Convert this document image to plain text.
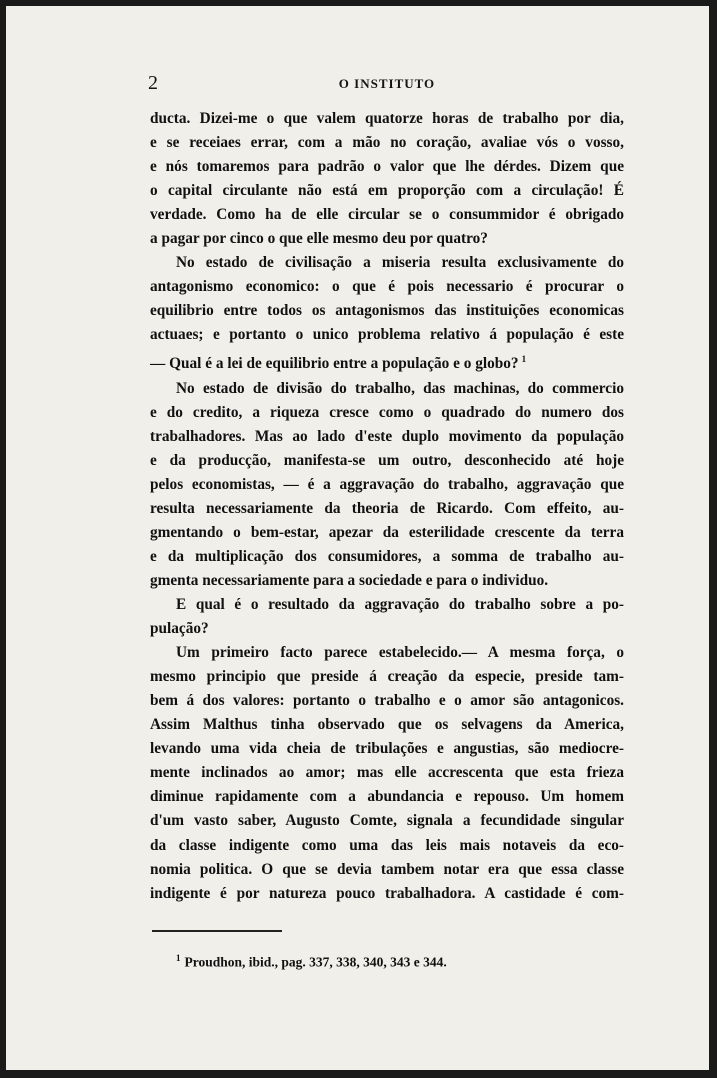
2	O INSTITUTO
ducta. Dizei-me o que valem quatorze horas de trabalho por dia,
e se receiaes errar, com a mão no coração, avaliae vós o vosso,
e nós tomaremos para padrão o valor que lhe dérdes. Dizem que
o capital circulante não está em proporção com a circulação! É
verdade. Como ha de elle circular se o consummidor é obrigado
a pagar por cinco o que elle mesmo deu por quatro?
No estado de civilisação a miseria resulta exclusivamente do
antagonismo economico: o que é pois necessario é procurar o
equilibrio entre todos os antagonismos das instituições economicas
actuaes; e portanto o unico problema relativo á população é este
— Qual é a lei de equilibrio entre a população e o globo? $^1$
No estado de divisão do trabalho, das machinas, do commercio
e do credito, a riqueza cresce como o quadrado do numero dos
trabalhadores. Mas ao lado d'este duplo movimento da população
e da producção, manifesta-se um outro, desconhecido até hoje
pelos economistas, — é a aggravação do trabalho, aggravação que
resulta necessariamente da theoria de Ricardo. Com effeito, au-
gmentando o bem-estar, apezar da esterilidade crescente da terra
e da multiplicação dos consumidores, a somma de trabalho au-
gmenta necessariamente para a sociedade e para o individuo.
E qual é o resultado da aggravação do trabalho sobre a po-
pulação?
Um primeiro facto parece estabelecido.— A mesma força, o
mesmo principio que preside á creação da especie, preside tam-
bem á dos valores: portanto o trabalho e o amor são antagonicos.
Assim Malthus tinha observado que os selvagens da America,
levando uma vida cheia de tribulações e angustias, são mediocre-
mente inclinados ao amor; mas elle accrescenta que esta frieza
diminue rapidamente com a abundancia e repouso. Um homem
d'um vasto saber, Augusto Comte, signala a fecundidade singular
da classe indigente como uma das leis mais notaveis da eco-
nomia politica. O que se devia tambem notar era que essa classe
indigente é por natureza pouco trabalhadora. A castidade é com-
$^1$ Proudhon, ibid., pag. 337, 338, 340, 343 e 344.
